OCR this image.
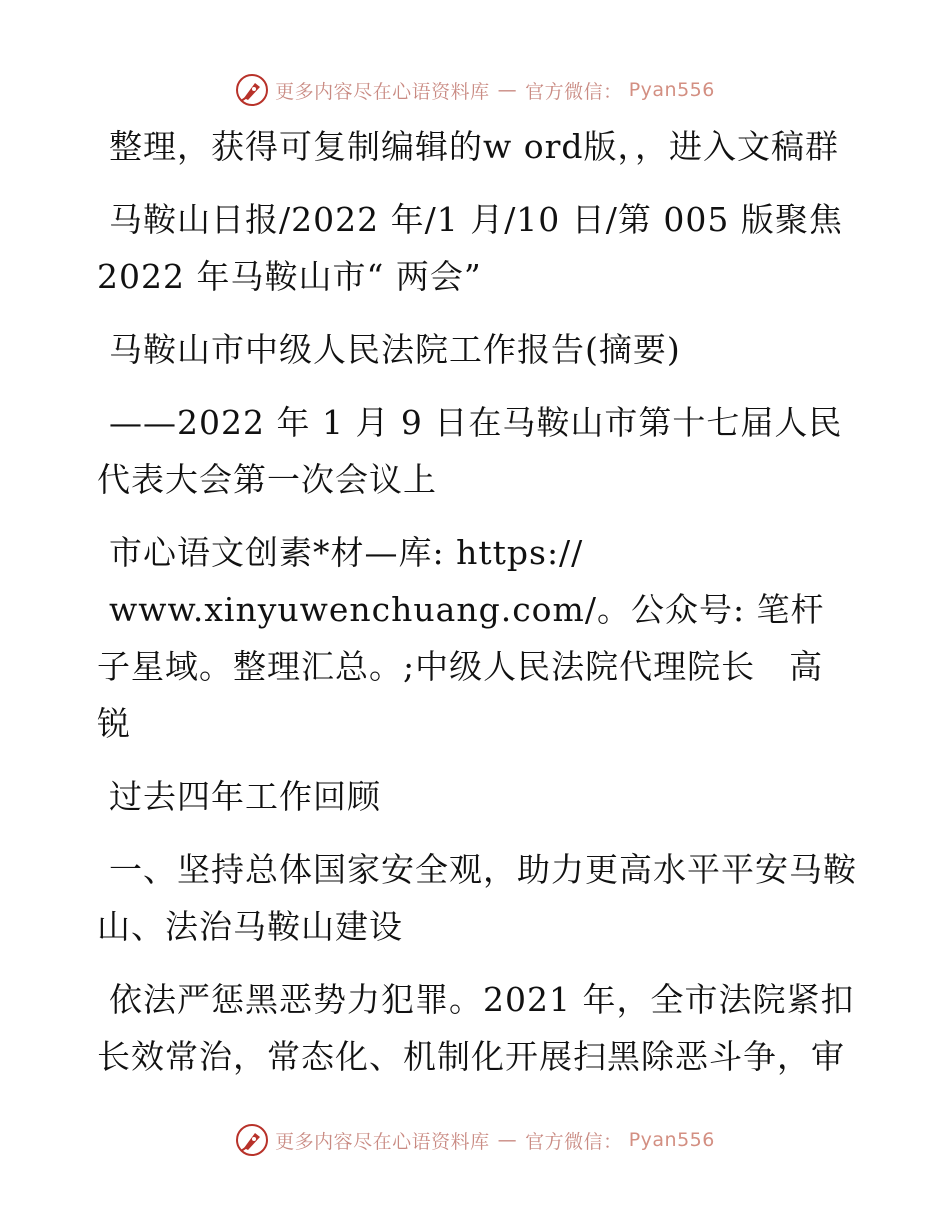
更多内容尽在心语资料库 — 官方微信： Pyan556

整理，获得可复制编辑的w ord版，，进入文稿群

马鞍山日报/2022 年/1 月/10 日/第 005 版聚焦2022 年马鞍山市“ 两会”

马鞍山市中级人民法院工作报告(摘要)

——2022 年 1 月 9 日在马鞍山市第十七届人民代表大会第一次会议上

市心语文创素*材—库: https://

www.xinyuwenchuang.com/。公众号: 笔杆子星域。整理汇总。;中级人民法院代理院长　高锐

过去四年工作回顾

一、坚持总体国家安全观，助力更高水平平安马鞍山、法治马鞍山建设

依法严惩黑恶势力犯罪。2021 年，全市法院紧扣长效常治，常态化、机制化开展扫黑除恶斗争，审

更多内容尽在心语资料库 — 官方微信： Pyan556
